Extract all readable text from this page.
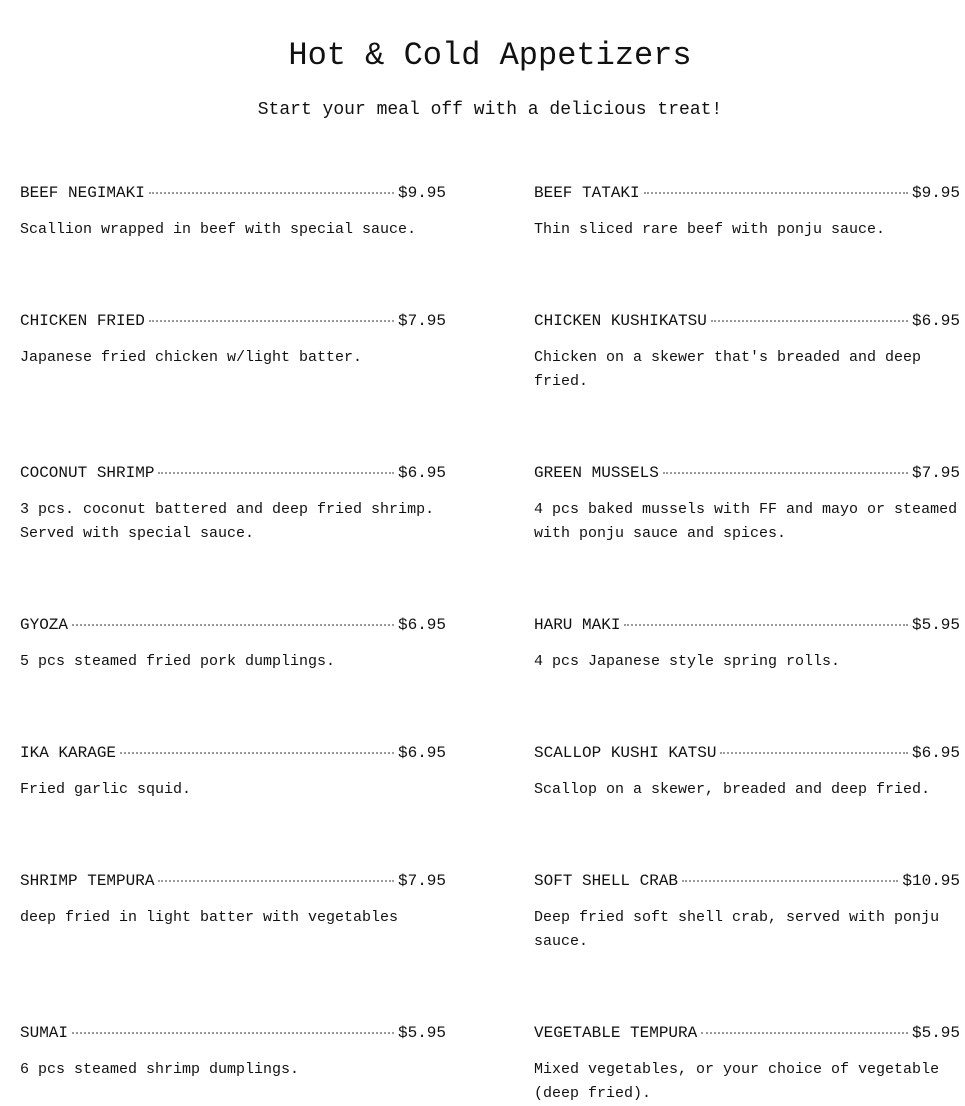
Hot & Cold Appetizers

Start your meal off with a delicious treat!

BEEF NEGIMAKI	$9.95
Scallion wrapped in beef with special sauce.
BEEF TATAKI	$9.95
Thin sliced rare beef with ponju sauce.
CHICKEN FRIED	$7.95
Japanese fried chicken w/light batter.
CHICKEN KUSHIKATSU	$6.95
Chicken on a skewer that's breaded and deep fried.
COCONUT SHRIMP	$6.95
3 pcs. coconut battered and deep fried shrimp. Served with special sauce.
GREEN MUSSELS	$7.95
4 pcs baked mussels with FF and mayo or steamed with ponju sauce and spices.
GYOZA	$6.95
5 pcs steamed fried pork dumplings.
HARU MAKI	$5.95
4 pcs Japanese style spring rolls.
IKA KARAGE	$6.95
Fried garlic squid.
SCALLOP KUSHI KATSU	$6.95
Scallop on a skewer, breaded and deep fried.
SHRIMP TEMPURA	$7.95
deep fried in light batter with vegetables
SOFT SHELL CRAB	$10.95
Deep fried soft shell crab, served with ponju sauce.
SUMAI	$5.95
6 pcs steamed shrimp dumplings.
VEGETABLE TEMPURA	$5.95
Mixed vegetables, or your choice of vegetable (deep fried).
